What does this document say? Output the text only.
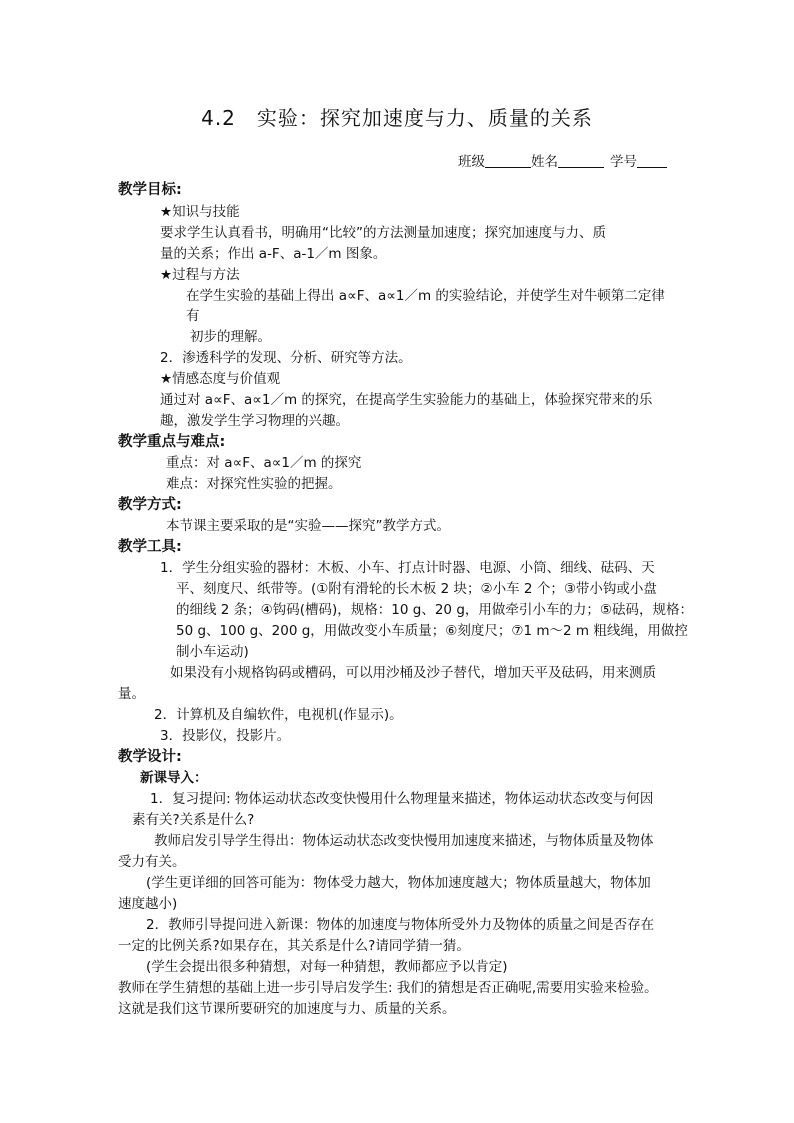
4.2　实验：探究加速度与力、质量的关系
班级	姓名	学号
教学目标:
★知识与技能
要求学生认真看书，明确用“比较”的方法测量加速度；探究加速度与力、质
量的关系；作出 a-F、a-1／m 图象。
★过程与方法
在学生实验的基础上得出 a∝F、a∝1／m 的实验结论，并使学生对牛顿第二定律
有
初步的理解。
2．渗透科学的发现、分析、研究等方法。
★情感态度与价值观
通过对 a∝F、a∝1／m 的探究，在提高学生实验能力的基础上，体验探究带来的乐
趣，激发学生学习物理的兴趣。
教学重点与难点:
重点：对 a∝F、a∝1／m 的探究
难点：对探究性实验的把握。
教学方式:
本节课主要采取的是“实验——探究”教学方式。
教学工具:
1．学生分组实验的器材：木板、小车、打点计时器、电源、小筒、细线、砝码、天
平、刻度尺、纸带等。(①附有滑轮的长木板 2 块；②小车 2 个；③带小钩或小盘
的细线 2 条；④钩码(槽码)，规格：10 g、20 g，用做牵引小车的力；⑤砝码，规格：
50 g、100 g、200 g，用做改变小车质量；⑥刻度尺；⑦1 m～2 m 粗线绳，用做控
制小车运动)
如果没有小规格钩码或槽码，可以用沙桶及沙子替代，增加天平及砝码，用来测质
量。
2．计算机及自编软件，电视机(作显示)。
3．投影仪，投影片。
教学设计:
新课导入：
1．复习提问: 物体运动状态改变快慢用什么物理量来描述，物体运动状态改变与何因
素有关?关系是什么?
教师启发引导学生得出：物体运动状态改变快慢用加速度来描述，与物体质量及物体
受力有关。
(学生更详细的回答可能为：物体受力越大，物体加速度越大；物体质量越大，物体加
速度越小)
2．教师引导提问进入新课：物体的加速度与物体所受外力及物体的质量之间是否存在
一定的比例关系?如果存在，其关系是什么?请同学猜一猜。
(学生会提出很多种猜想，对每一种猜想，教师都应予以肯定)
教师在学生猜想的基础上进一步引导启发学生: 我们的猜想是否正确呢,需要用实验来检验。
这就是我们这节课所要研究的加速度与力、质量的关系。
